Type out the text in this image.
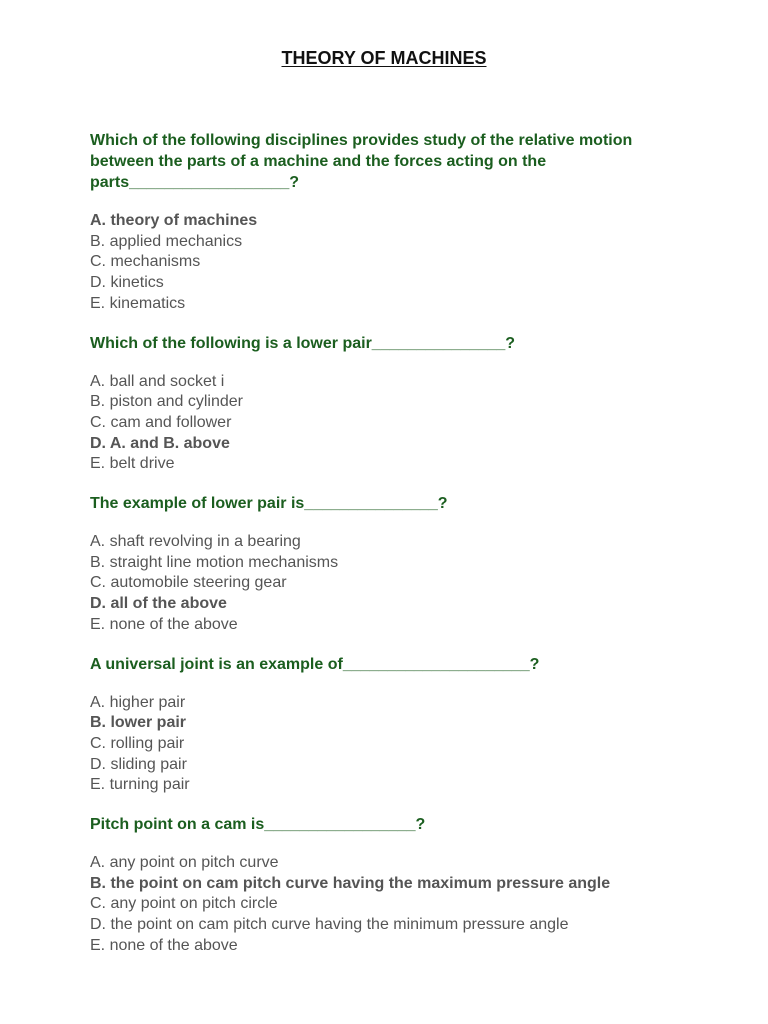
THEORY OF MACHINES
Which of the following disciplines provides study of the relative motion between the parts of a machine and the forces acting on the parts__________________?
A. theory of machines
B. applied mechanics
C. mechanisms
D. kinetics
E. kinematics
Which of the following is a lower pair_______________?
A. ball and socket i
B. piston and cylinder
C. cam and follower
D. A. and B. above
E. belt drive
The example of lower pair is_______________?
A. shaft revolving in a bearing
B. straight line motion mechanisms
C. automobile steering gear
D. all of the above
E. none of the above
A universal joint is an example of_____________________?
A. higher pair
B. lower pair
C. rolling pair
D. sliding pair
E. turning pair
Pitch point on a cam is_________________?
A. any point on pitch curve
B. the point on cam pitch curve having the maximum pressure angle
C. any point on pitch circle
D. the point on cam pitch curve having the minimum pressure angle
E. none of the above
